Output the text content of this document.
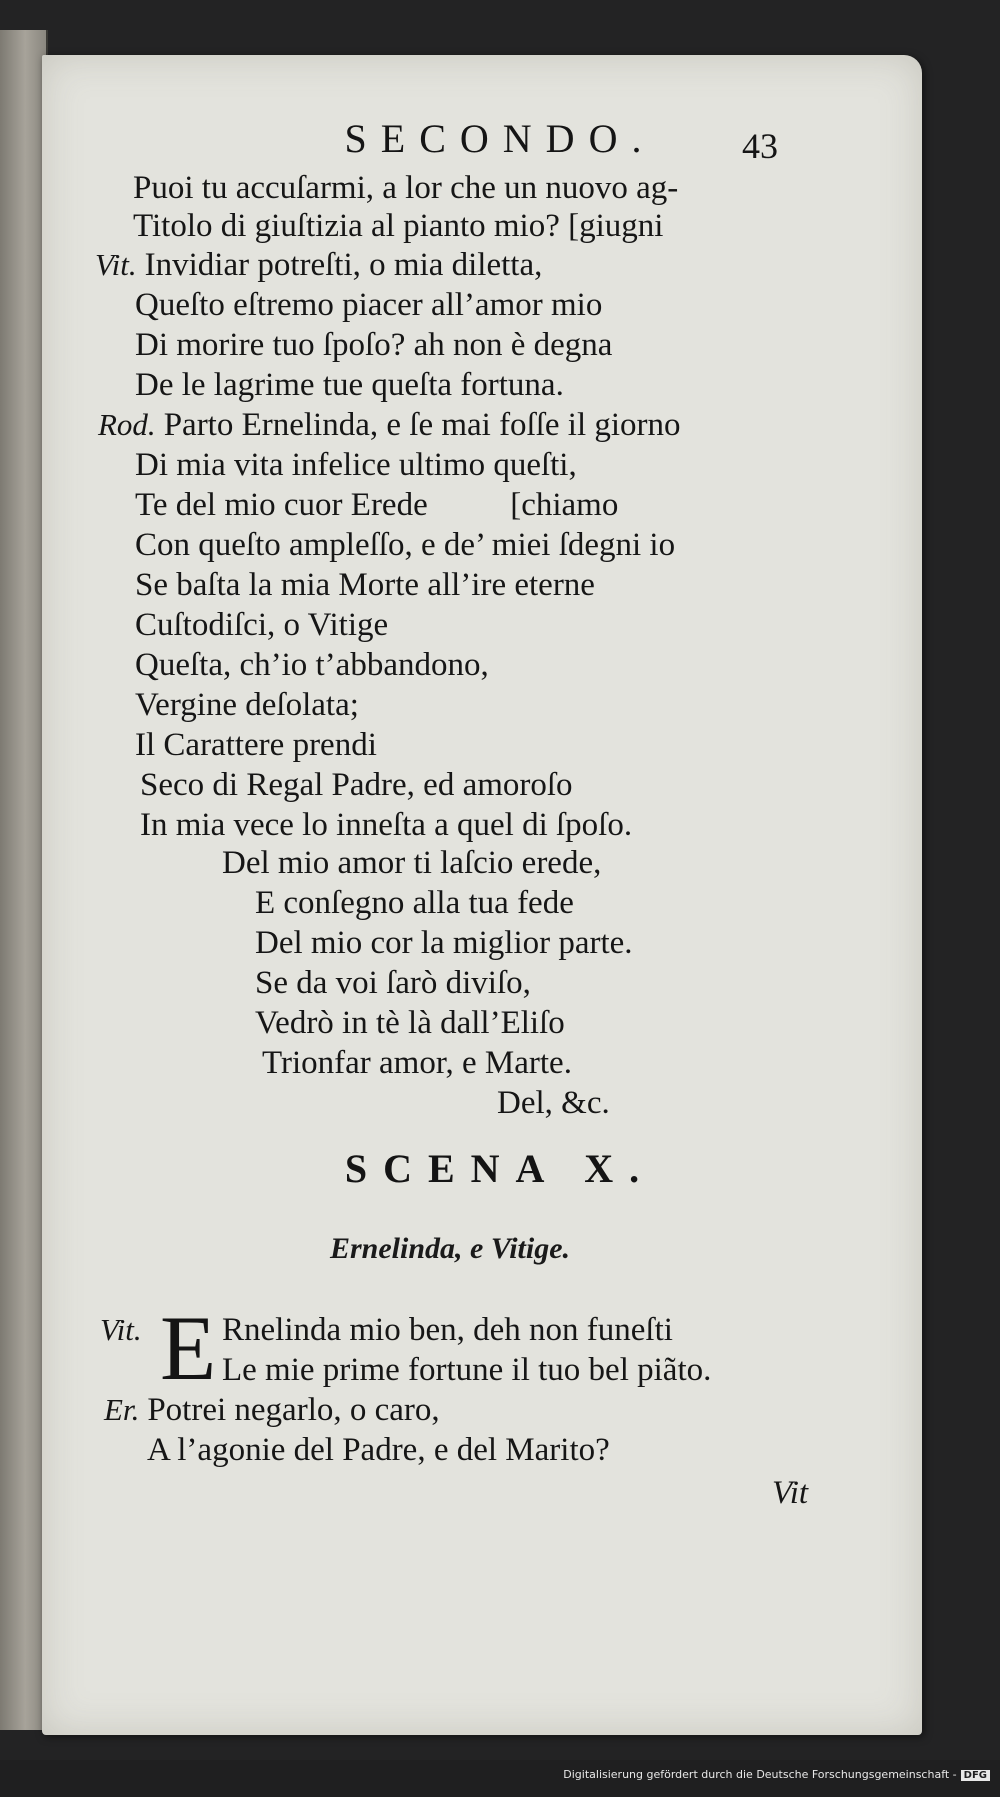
SECONDO.	43
Puoi tu accuſarmi, a lor che un nuovo ag-
Titolo di giuſtizia al pianto mio? [giugni
Vit. Invidiar potreſti, o mia diletta,
Queſto eſtremo piacer all’amor mio
Di morire tuo ſpoſo? ah non è degna
De le lagrime tue queſta fortuna.
Rod. Parto Ernelinda, e ſe mai foſſe il giorno
Di mia vita infelice ultimo queſti,
Te del mio cuor Erede          [chiamo
Con queſto ampleſſo, e de’ miei ſdegni io
Se baſta la mia Morte all’ire eterne
Cuſtodiſci, o Vitige
Queſta, ch’io t’abbandono,
Vergine deſolata;
Il Carattere prendi
Seco di Regal Padre, ed amoroſo
In mia vece lo inneſta a quel di ſpoſo.
Del mio amor ti laſcio erede,
E conſegno alla tua fede
Del mio cor la miglior parte.
Se da voi ſarò diviſo,
Vedrò in tè là dall’Eliſo
Trionfar amor, e Marte.
Del, &c.
SCENA X.
Ernelinda, e Vitige.
Vit. E Rnelinda mio ben, deh non funeſti
Le mie prime fortune il tuo bel piãto.
Er. Potrei negarlo, o caro,
A l’agonie del Padre, e del Marito?
Vit
Digitalisierung gefördert durch die Deutsche Forschungsgemeinschaft - DFG
